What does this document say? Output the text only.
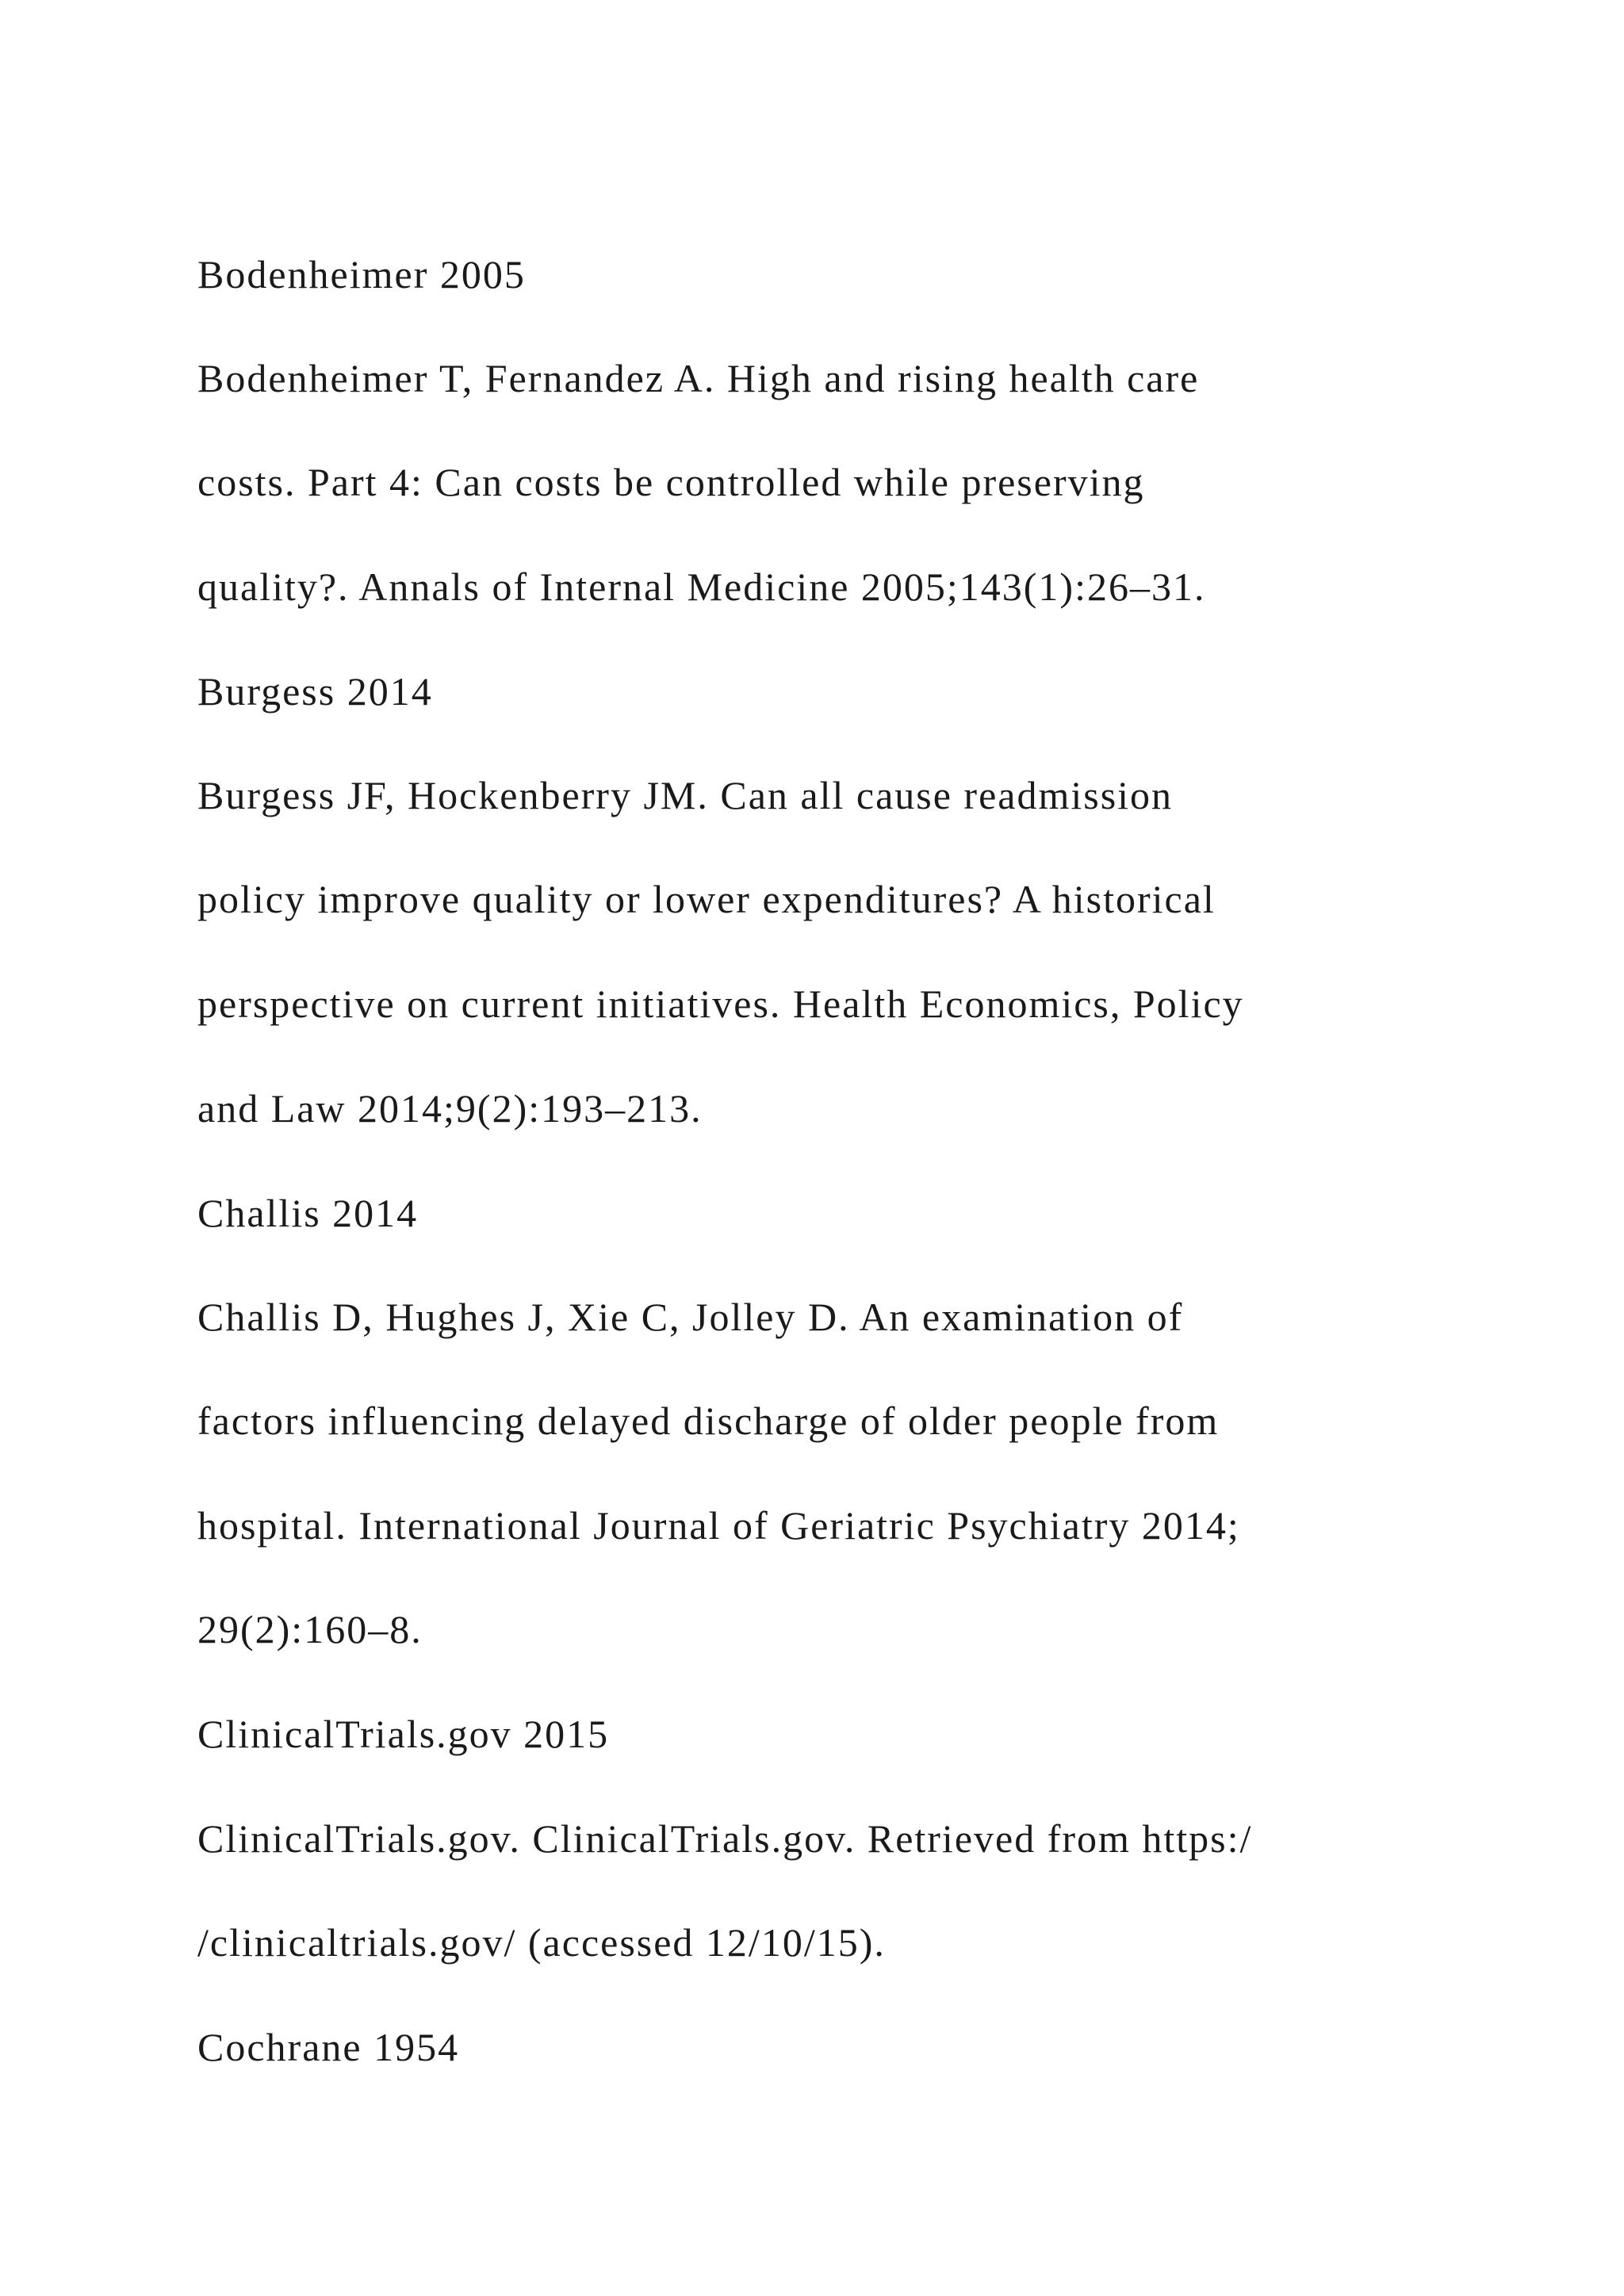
Bodenheimer 2005

Bodenheimer T, Fernandez A. High and rising health care

costs. Part 4: Can costs be controlled while preserving

quality?. Annals of Internal Medicine 2005;143(1):26–31.

Burgess 2014

Burgess JF, Hockenberry JM. Can all cause readmission

policy improve quality or lower expenditures? A historical

perspective on current initiatives. Health Economics, Policy

and Law 2014;9(2):193–213.

Challis 2014

Challis D, Hughes J, Xie C, Jolley D. An examination of

factors influencing delayed discharge of older people from

hospital. International Journal of Geriatric Psychiatry 2014;

29(2):160–8.

ClinicalTrials.gov 2015

ClinicalTrials.gov. ClinicalTrials.gov. Retrieved from https:/

/clinicaltrials.gov/ (accessed 12/10/15).

Cochrane 1954
